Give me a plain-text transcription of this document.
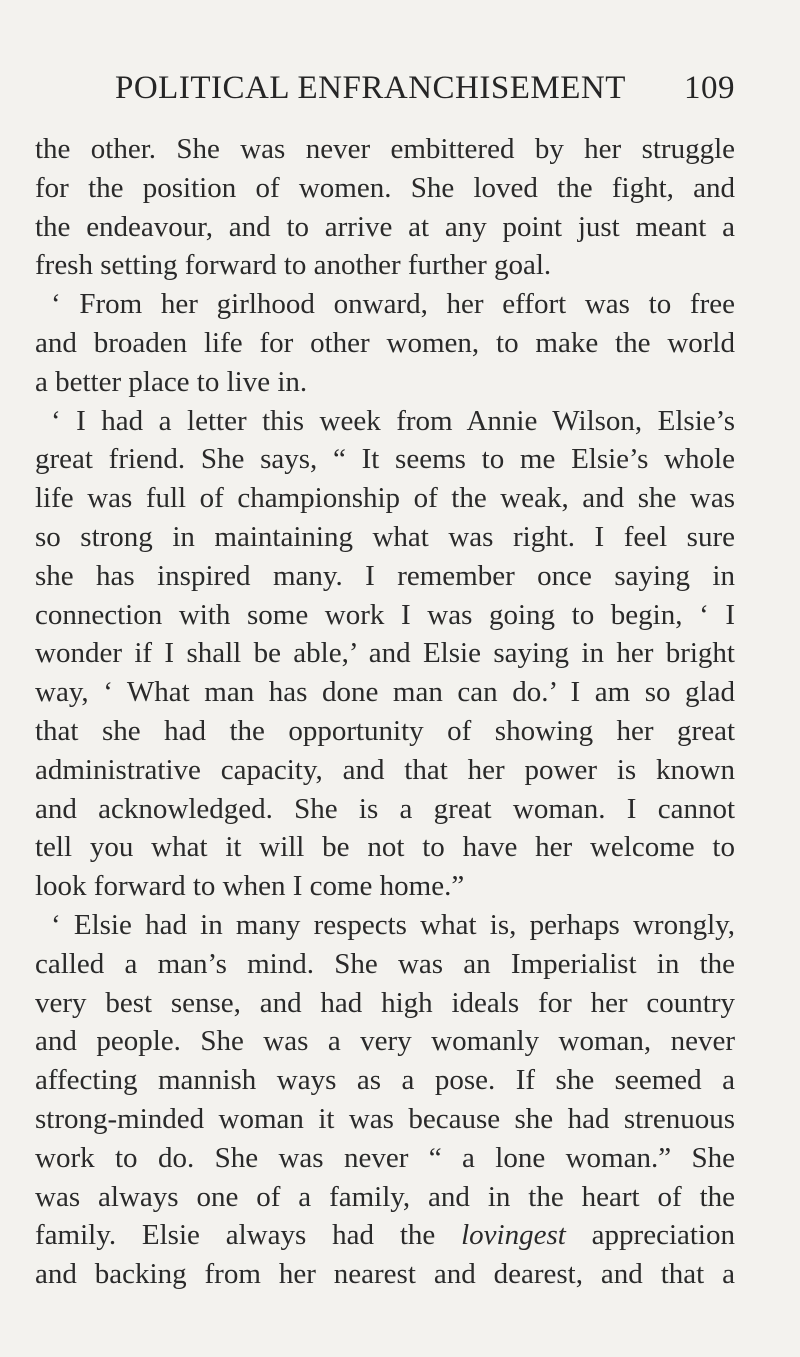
POLITICAL ENFRANCHISEMENT 109
the other. She was never embittered by her struggle
for the position of women. She loved the fight, and
the endeavour, and to arrive at any point just meant a
fresh setting forward to another further goal.
‘ From her girlhood onward, her effort was to free
and broaden life for other women, to make the world
a better place to live in.
‘ I had a letter this week from Annie Wilson, Elsie’s
great friend. She says, “ It seems to me Elsie’s whole
life was full of championship of the weak, and she was
so strong in maintaining what was right. I feel sure
she has inspired many. I remember once saying in
connection with some work I was going to begin, ‘ I
wonder if I shall be able,’ and Elsie saying in her bright
way, ‘ What man has done man can do.’ I am so glad
that she had the opportunity of showing her great
administrative capacity, and that her power is known
and acknowledged. She is a great woman. I cannot
tell you what it will be not to have her welcome to
look forward to when I come home.”
‘ Elsie had in many respects what is, perhaps wrongly,
called a man’s mind. She was an Imperialist in the
very best sense, and had high ideals for her country
and people. She was a very womanly woman, never
affecting mannish ways as a pose. If she seemed a
strong-minded woman it was because she had strenuous
work to do. She was never “ a lone woman.” She
was always one of a family, and in the heart of the
family. Elsie always had the lovingest appreciation
and backing from her nearest and dearest, and that a
